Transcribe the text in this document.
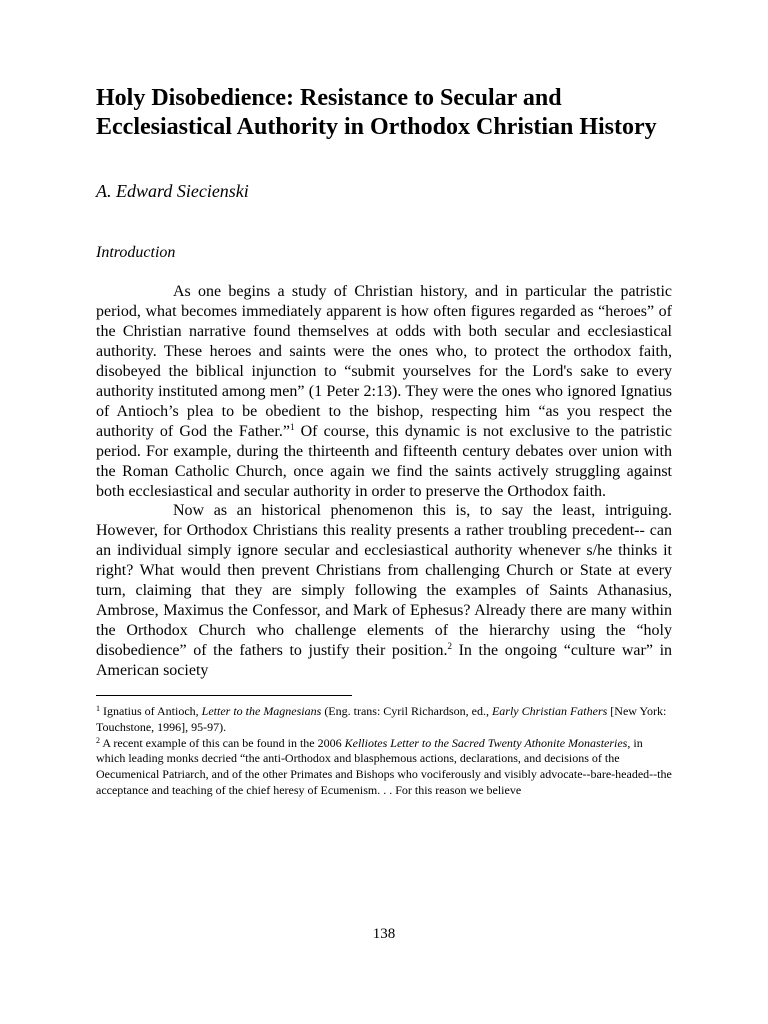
Holy Disobedience: Resistance to Secular and Ecclesiastical Authority in Orthodox Christian History
A. Edward Siecienski
Introduction

As one begins a study of Christian history, and in particular the patristic period, what becomes immediately apparent is how often figures regarded as “heroes” of the Christian narrative found themselves at odds with both secular and ecclesiastical authority. These heroes and saints were the ones who, to protect the orthodox faith, disobeyed the biblical injunction to “submit yourselves for the Lord's sake to every authority instituted among men” (1 Peter 2:13). They were the ones who ignored Ignatius of Antioch’s plea to be obedient to the bishop, respecting him “as you respect the authority of God the Father.”$^1$ Of course, this dynamic is not exclusive to the patristic period. For example, during the thirteenth and fifteenth century debates over union with the Roman Catholic Church, once again we find the saints actively struggling against both ecclesiastical and secular authority in order to preserve the Orthodox faith.

Now as an historical phenomenon this is, to say the least, intriguing. However, for Orthodox Christians this reality presents a rather troubling precedent-- can an individual simply ignore secular and ecclesiastical authority whenever s/he thinks it right? What would then prevent Christians from challenging Church or State at every turn, claiming that they are simply following the examples of Saints Athanasius, Ambrose, Maximus the Confessor, and Mark of Ephesus? Already there are many within the Orthodox Church who challenge elements of the hierarchy using the “holy disobedience” of the fathers to justify their position.$^2$ In the ongoing “culture war” in American society

$^1$ Ignatius of Antioch, Letter to the Magnesians (Eng. trans: Cyril Richardson, ed., Early Christian Fathers [New York: Touchstone, 1996], 95-97).

$^2$ A recent example of this can be found in the 2006 Kelliotes Letter to the Sacred Twenty Athonite Monasteries, in which leading monks decried “the anti-Orthodox and blasphemous actions, declarations, and decisions of the Oecumenical Patriarch, and of the other Primates and Bishops who vociferously and visibly advocate--bare-headed--the acceptance and teaching of the chief heresy of Ecumenism. . . For this reason we believe

138
